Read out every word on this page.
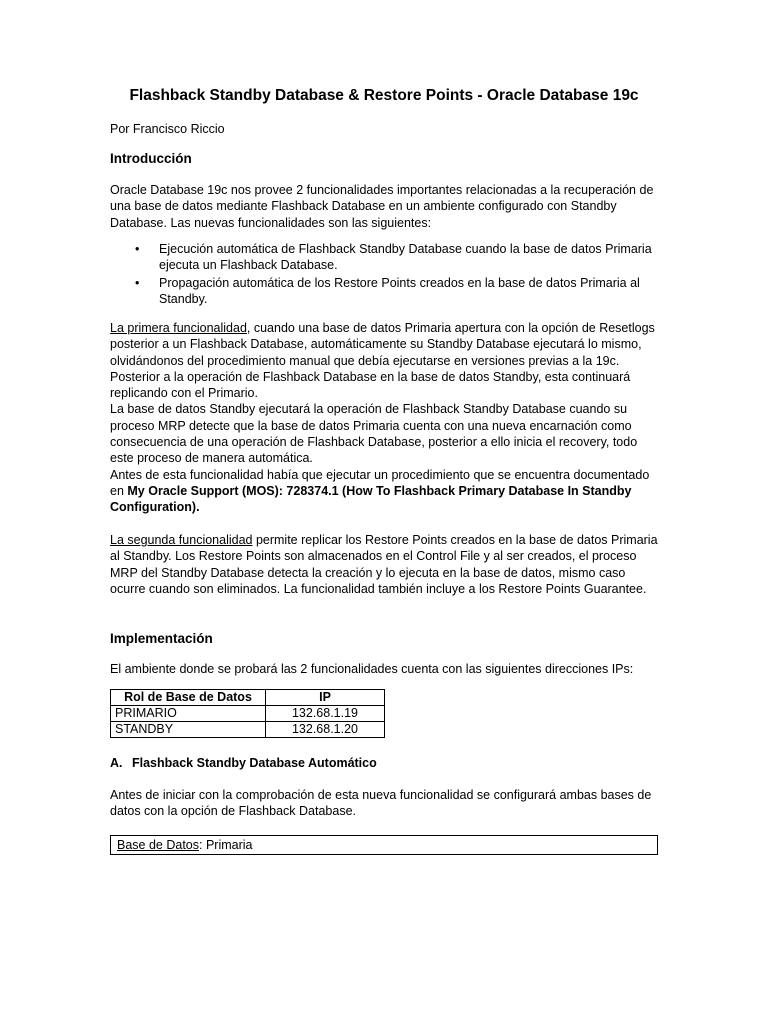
Flashback Standby Database & Restore Points - Oracle Database 19c
Por Francisco Riccio
Introducción

Oracle Database 19c nos provee 2 funcionalidades importantes relacionadas a la recuperación de una base de datos mediante Flashback Database en un ambiente configurado con Standby Database. Las nuevas funcionalidades son las siguientes:

• Ejecución automática de Flashback Standby Database cuando la base de datos Primaria ejecuta un Flashback Database.
• Propagación automática de los Restore Points creados en la base de datos Primaria al Standby.

La primera funcionalidad, cuando una base de datos Primaria apertura con la opción de Resetlogs posterior a un Flashback Database, automáticamente su Standby Database ejecutará lo mismo, olvidándonos del procedimiento manual que debía ejecutarse en versiones previas a la 19c. Posterior a la operación de Flashback Database en la base de datos Standby, esta continuará replicando con el Primario.
La base de datos Standby ejecutará la operación de Flashback Standby Database cuando su proceso MRP detecte que la base de datos Primaria cuenta con una nueva encarnación como consecuencia de una operación de Flashback Database, posterior a ello inicia el recovery, todo este proceso de manera automática.
Antes de esta funcionalidad había que ejecutar un procedimiento que se encuentra documentado en My Oracle Support (MOS): 728374.1 (How To Flashback Primary Database In Standby Configuration).

La segunda funcionalidad permite replicar los Restore Points creados en la base de datos Primaria al Standby. Los Restore Points son almacenados en el Control File y al ser creados, el proceso MRP del Standby Database detecta la creación y lo ejecuta en la base de datos, mismo caso ocurre cuando son eliminados. La funcionalidad también incluye a los Restore Points Guarantee.

Implementación

El ambiente donde se probará las 2 funcionalidades cuenta con las siguientes direcciones IPs:

Rol de Base de Datos	IP
PRIMARIO	132.68.1.19
STANDBY	132.68.1.20
A. Flashback Standby Database Automático

Antes de iniciar con la comprobación de esta nueva funcionalidad se configurará ambas bases de datos con la opción de Flashback Database.

Base de Datos: Primaria
